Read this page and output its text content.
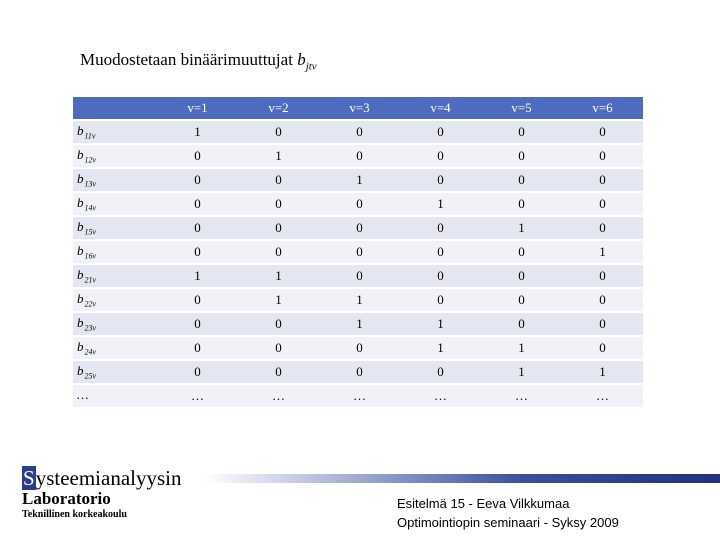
Muodostetaan binäärimuuttujat $b_{jtv}$
	v=1	v=2	v=3	v=4	v=5	v=6
$b_{11v}$	1	0	0	0	0	0
$b_{12v}$	0	1	0	0	0	0
$b_{13v}$	0	0	1	0	0	0
$b_{14v}$	0	0	0	1	0	0
$b_{15v}$	0	0	0	0	1	0
$b_{16v}$	0	0	0	0	0	1
$b_{21v}$	1	1	0	0	0	0
$b_{22v}$	0	1	1	0	0	0
$b_{23v}$	0	0	1	1	0	0
$b_{24v}$	0	0	0	1	1	0
$b_{25v}$	0	0	0	0	1	1
…	…	…	…	…	…	…
Systeemianalyysin
Laboratorio
Teknillinen korkeakoulu
Esitelmä 15 - Eeva Vilkkumaa
Optimointiopin seminaari - Syksy 2009
